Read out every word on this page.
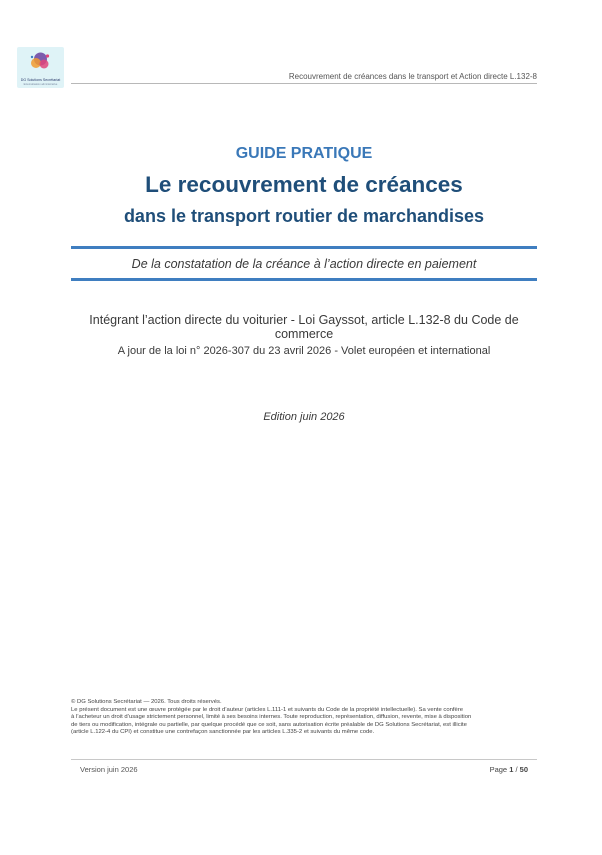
DG Solutions Secrétariat
Externalisation administrative
Recouvrement de créances dans le transport et Action directe L.132-8
GUIDE PRATIQUE
Le recouvrement de créances
dans le transport routier de marchandises
De la constatation de la créance à l’action directe en paiement
Intégrant l’action directe du voiturier - Loi Gayssot, article L.132-8 du Code de
commerce
A jour de la loi n° 2026-307 du 23 avril 2026 - Volet européen et international
Edition juin 2026

© DG Solutions Secrétariat — 2026. Tous droits réservés.

Le présent document est une œuvre protégée par le droit d’auteur (articles L.111-1 et suivants du Code de la propriété intellectuelle). Sa vente confère

à l’acheteur un droit d’usage strictement personnel, limité à ses besoins internes. Toute reproduction, représentation, diffusion, revente, mise à disposition

de tiers ou modification, intégrale ou partielle, par quelque procédé que ce soit, sans autorisation écrite préalable de DG Solutions Secrétariat, est illicite

(article L.122-4 du CPI) et constitue une contrefaçon sanctionnée par les articles L.335-2 et suivants du même code.

Version juin 2026	Page 1 / 50
